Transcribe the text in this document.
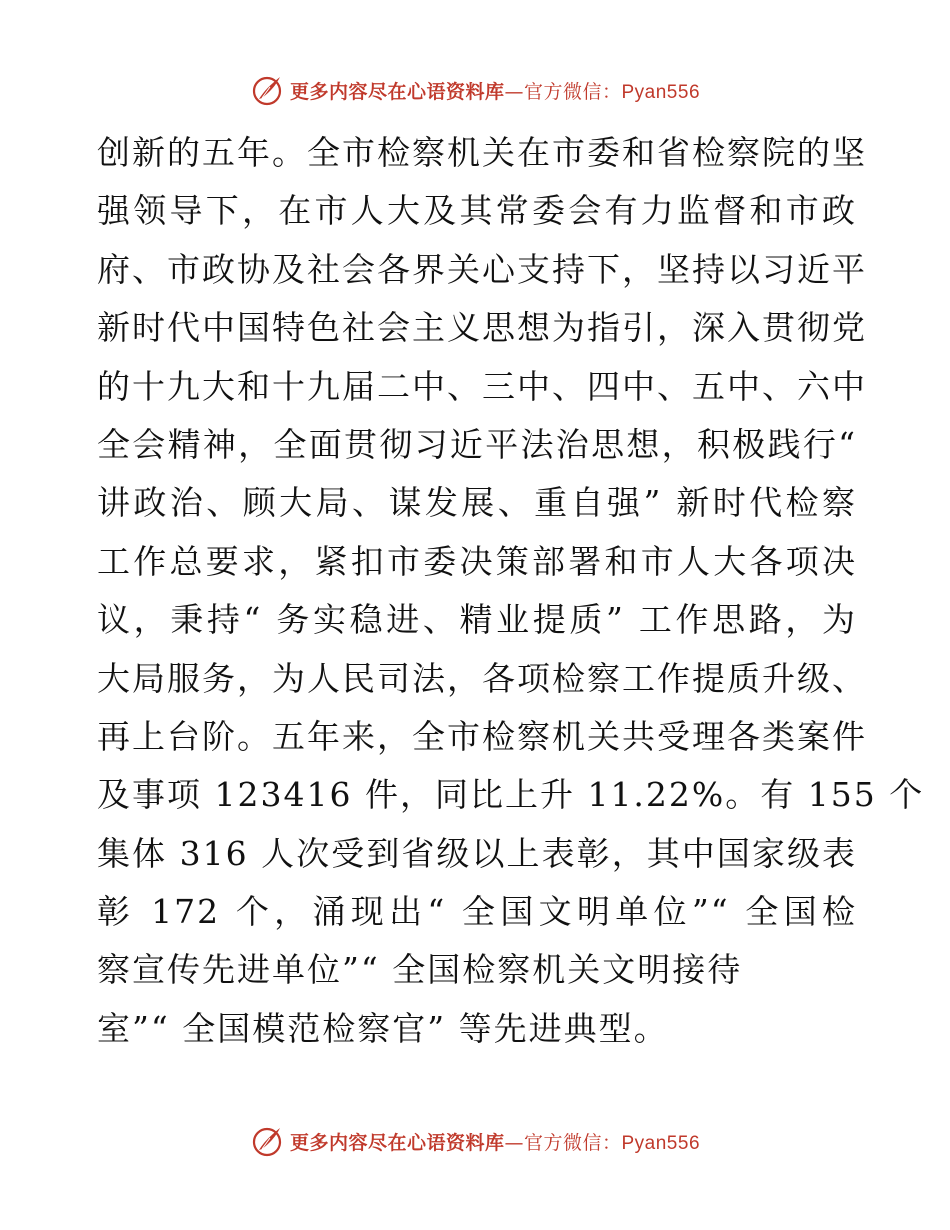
更多内容尽在心语资料库—官方微信：Pyan556
创新的五年。全市检察机关在市委和省检察院的坚
强领导下，在市人大及其常委会有力监督和市政
府、市政协及社会各界关心支持下，坚持以习近平
新时代中国特色社会主义思想为指引，深入贯彻党
的十九大和十九届二中、三中、四中、五中、六中
全会精神，全面贯彻习近平法治思想，积极践行“
讲政治、顾大局、谋发展、重自强” 新时代检察
工作总要求，紧扣市委决策部署和市人大各项决
议，秉持“ 务实稳进、精业提质” 工作思路，为
大局服务，为人民司法，各项检察工作提质升级、
再上台阶。五年来，全市检察机关共受理各类案件
及事项 123416 件，同比上升 11.22%。有 155 个
集体 316 人次受到省级以上表彰，其中国家级表
彰 172 个，涌现出“ 全国文明单位”“ 全国检
察宣传先进单位”“ 全国检察机关文明接待
室”“ 全国模范检察官” 等先进典型。
更多内容尽在心语资料库—官方微信：Pyan556
